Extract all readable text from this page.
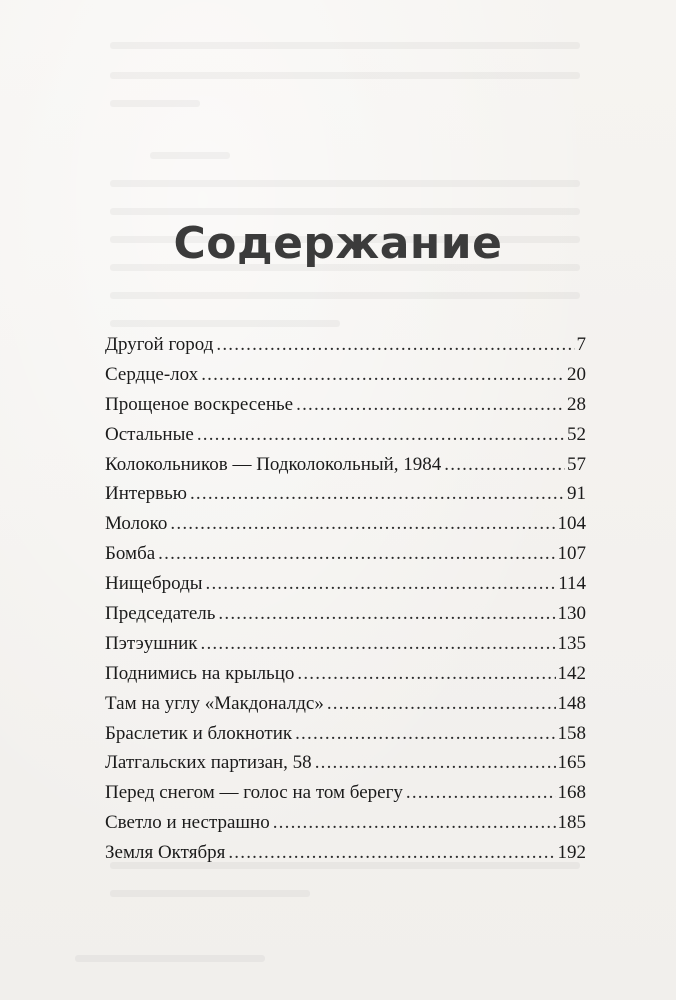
Содержание
Другой город .....	7
Сердце-лох .....	20
Прощеное воскресенье .....	28
Остальные .....	52
Колокольников — Подколокольный, 1984 .....	57
Интервью .....	91
Молоко .....	104
Бомба .....	107
Нищеброды .....	114
Председатель .....	130
Пэтэушник .....	135
Поднимись на крыльцо .....	142
Там на углу «Макдоналдс» .....	148
Браслетик и блокнотик .....	158
Латгальских партизан, 58 .....	165
Перед снегом — голос на том берегу .....	168
Светло и нестрашно .....	185
Земля Октября .....	192
